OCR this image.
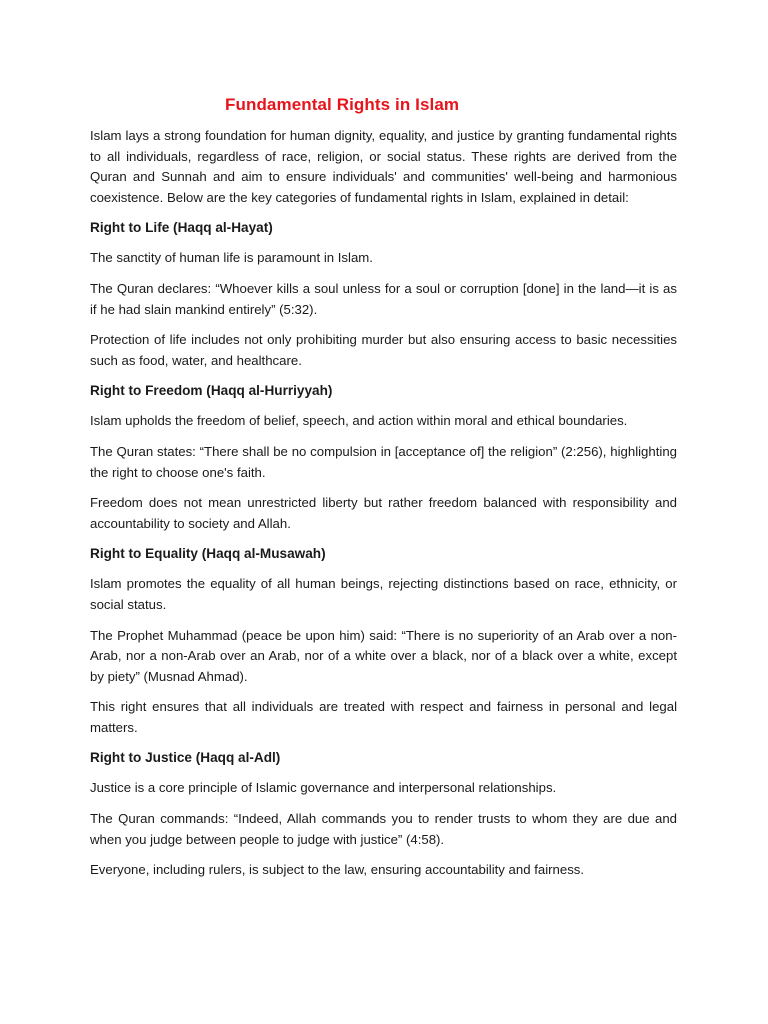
Fundamental Rights in Islam

Islam lays a strong foundation for human dignity, equality, and justice by granting fundamental rights to all individuals, regardless of race, religion, or social status. These rights are derived from the Quran and Sunnah and aim to ensure individuals' and communities' well-being and harmonious coexistence. Below are the key categories of fundamental rights in Islam, explained in detail:

Right to Life (Haqq al-Hayat)

The sanctity of human life is paramount in Islam.

The Quran declares: “Whoever kills a soul unless for a soul or corruption [done] in the land—it is as if he had slain mankind entirely” (5:32).

Protection of life includes not only prohibiting murder but also ensuring access to basic necessities such as food, water, and healthcare.

Right to Freedom (Haqq al-Hurriyyah)

Islam upholds the freedom of belief, speech, and action within moral and ethical boundaries.

The Quran states: “There shall be no compulsion in [acceptance of] the religion” (2:256), highlighting the right to choose one's faith.

Freedom does not mean unrestricted liberty but rather freedom balanced with responsibility and accountability to society and Allah.

Right to Equality (Haqq al-Musawah)

Islam promotes the equality of all human beings, rejecting distinctions based on race, ethnicity, or social status.

The Prophet Muhammad (peace be upon him) said: “There is no superiority of an Arab over a non-Arab, nor a non-Arab over an Arab, nor of a white over a black, nor of a black over a white, except by piety” (Musnad Ahmad).

This right ensures that all individuals are treated with respect and fairness in personal and legal matters.

Right to Justice (Haqq al-Adl)

Justice is a core principle of Islamic governance and interpersonal relationships.

The Quran commands: “Indeed, Allah commands you to render trusts to whom they are due and when you judge between people to judge with justice” (4:58).

Everyone, including rulers, is subject to the law, ensuring accountability and fairness.
